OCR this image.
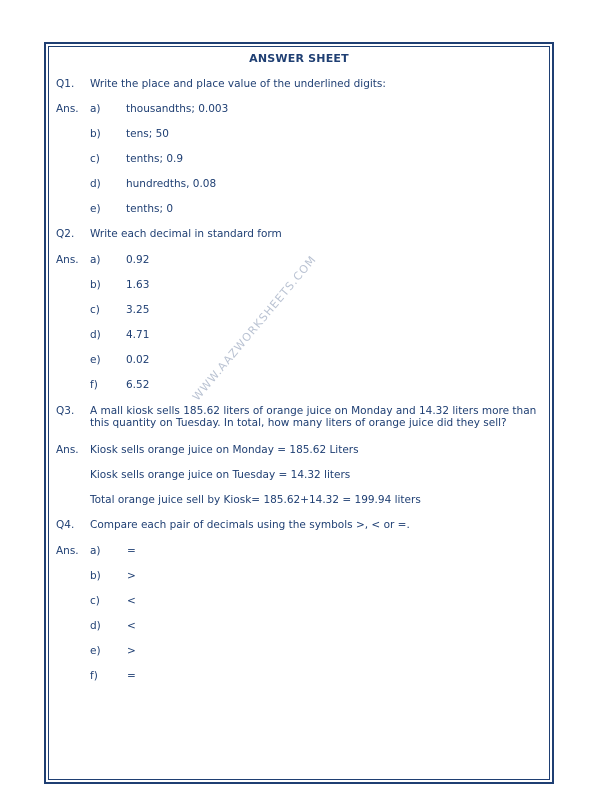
WWW.AAZWORKSHEETS.COM
ANSWER SHEET
Q1. Write the place and place value of the underlined digits:
Ans. a) thousandths; 0.003
b) tens; 50
c) tenths; 0.9
d) hundredths, 0.08
e) tenths; 0
Q2. Write each decimal in standard form
Ans. a) 0.92
b) 1.63
c) 3.25
d) 4.71
e) 0.02
f)	6.52
Q3. A mall kiosk sells 185.62 liters of orange juice on Monday and 14.32 liters more than this quantity on Tuesday. In total, how many liters of orange juice did they sell?
Ans. Kiosk sells orange juice on Monday = 185.62 Liters
Kiosk sells orange juice on Tuesday = 14.32 liters
Total orange juice sell by Kiosk= 185.62+14.32 = 199.94 liters
Q4. Compare each pair of decimals using the symbols >, < or =.
Ans. a)	=
b) >
c)	<
d) <
e)	>
f)	=
